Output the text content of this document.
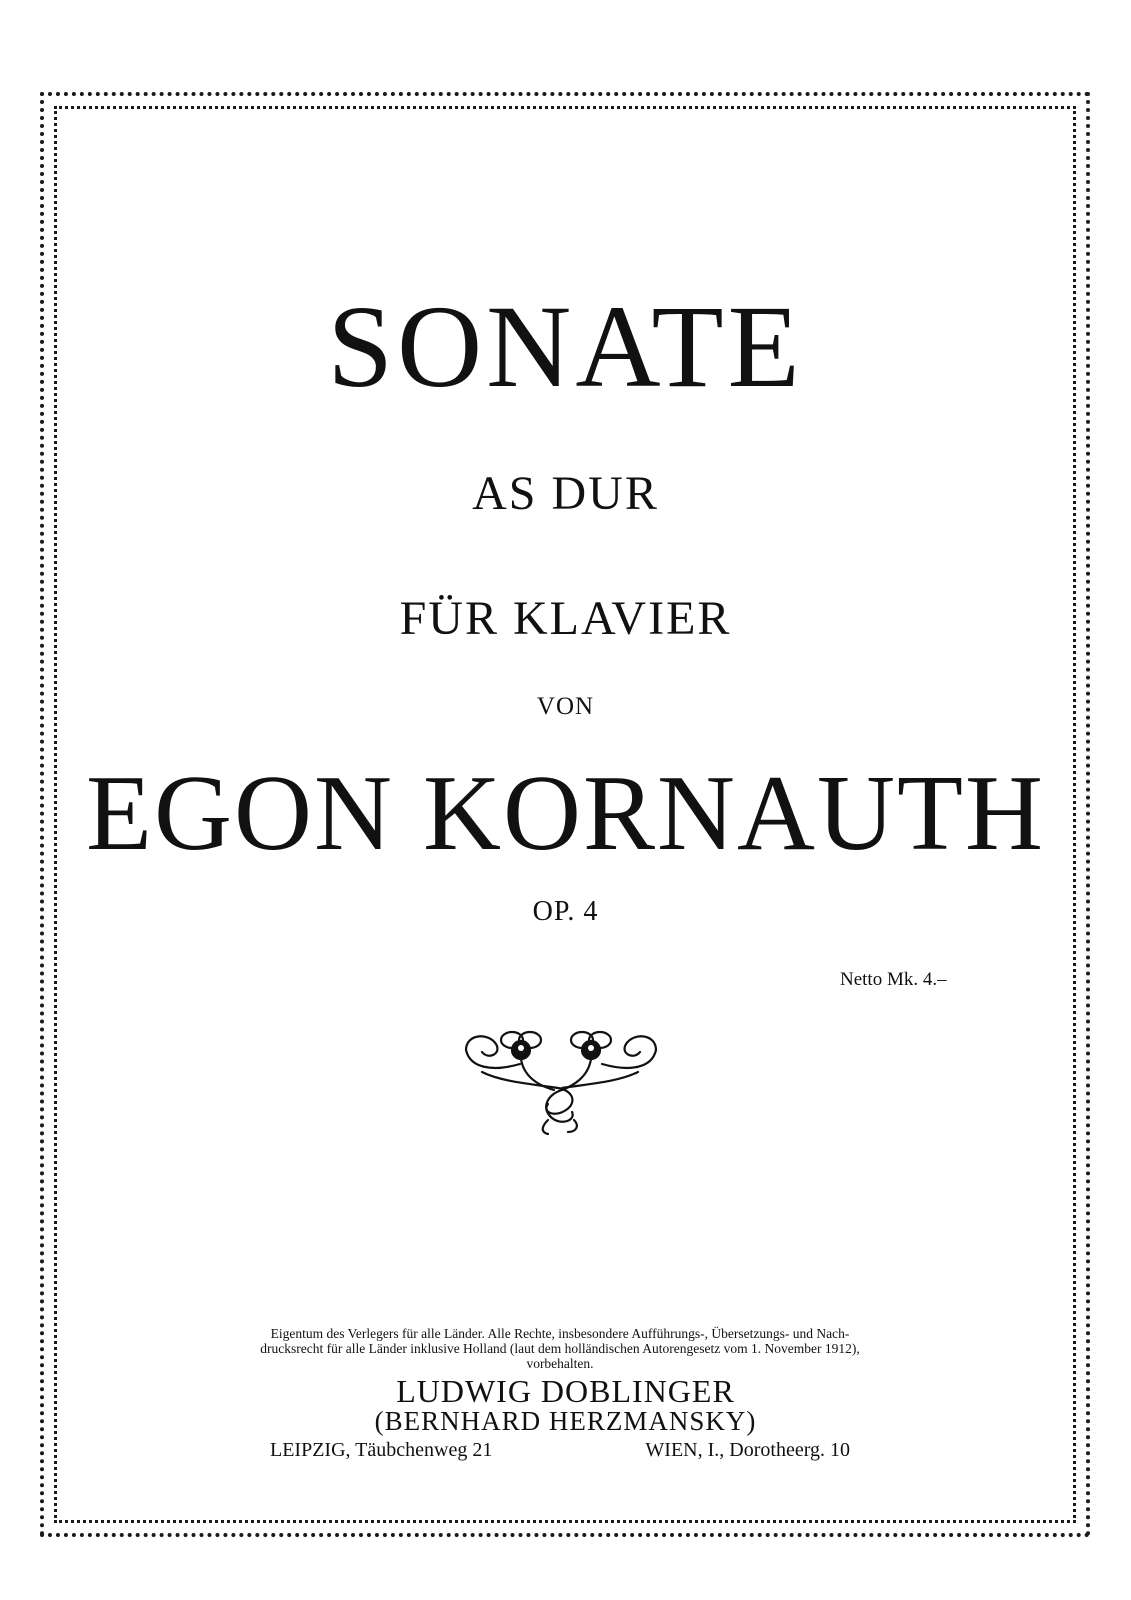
SONATE
AS DUR
FÜR KLAVIER
VON
EGON KORNAUTH
OP. 4
Netto Mk. 4.–
Eigentum des Verlegers für alle Länder. Alle Rechte, insbesondere Aufführungs-, Übersetzungs- und Nach-
drucksrecht für alle Länder inklusive Holland (laut dem holländischen Autorengesetz vom 1. November 1912),
vorbehalten.
LUDWIG DOBLINGER
(BERNHARD HERZMANSKY)
LEIPZIG, Täubchenweg 21	WIEN, I., Dorotheerg. 10
